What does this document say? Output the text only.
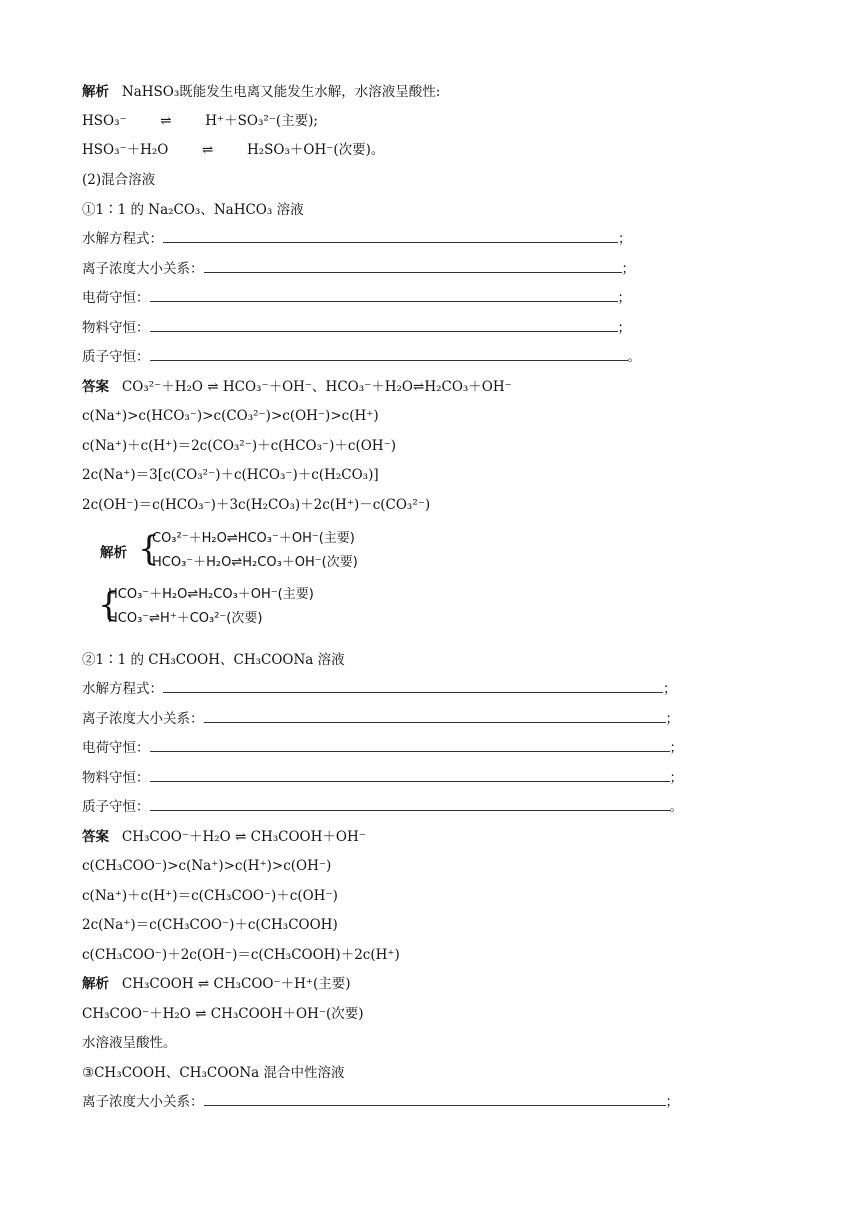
解析 NaHSO₃既能发生电离又能发生水解，水溶液呈酸性:
HSO₃⁻ ⇌ H⁺＋SO₃²⁻(主要);
HSO₃⁻＋H₂O ⇌ H₂SO₃＋OH⁻(次要)。
(2)混合溶液
①1∶1 的 Na₂CO₃、NaHCO₃ 溶液
水解方程式：	；
离子浓度大小关系：	；
电荷守恒：	；
物料守恒：	；
质子守恒：	。
答案 CO₃²⁻＋H₂O ⇌ HCO₃⁻＋OH⁻、HCO₃⁻＋H₂O⇌H₂CO₃＋OH⁻
c(Na⁺)>c(HCO₃⁻)>c(CO₃²⁻)>c(OH⁻)>c(H⁺)
c(Na⁺)＋c(H⁺)＝2c(CO₃²⁻)＋c(HCO₃⁻)＋c(OH⁻)
2c(Na⁺)＝3[c(CO₃²⁻)＋c(HCO₃⁻)＋c(H₂CO₃)]
2c(OH⁻)＝c(HCO₃⁻)＋3c(H₂CO₃)＋2c(H⁺)－c(CO₃²⁻)
解析 {
CO₃²⁻＋H₂O⇌HCO₃⁻＋OH⁻(主要)
HCO₃⁻＋H₂O⇌H₂CO₃＋OH⁻(次要)
{
HCO₃⁻＋H₂O⇌H₂CO₃＋OH⁻(主要)
HCO₃⁻⇌H⁺＋CO₃²⁻(次要)
②1∶1 的 CH₃COOH、CH₃COONa 溶液
水解方程式：	；
离子浓度大小关系：	；
电荷守恒：	；
物料守恒：	；
质子守恒：	。
答案 CH₃COO⁻＋H₂O ⇌ CH₃COOH＋OH⁻
c(CH₃COO⁻)>c(Na⁺)>c(H⁺)>c(OH⁻)
c(Na⁺)＋c(H⁺)＝c(CH₃COO⁻)＋c(OH⁻)
2c(Na⁺)＝c(CH₃COO⁻)＋c(CH₃COOH)
c(CH₃COO⁻)＋2c(OH⁻)＝c(CH₃COOH)＋2c(H⁺)
解析 CH₃COOH ⇌ CH₃COO⁻＋H⁺(主要)
CH₃COO⁻＋H₂O ⇌ CH₃COOH＋OH⁻(次要)
水溶液呈酸性。
③CH₃COOH、CH₃COONa 混合中性溶液
离子浓度大小关系：	；
